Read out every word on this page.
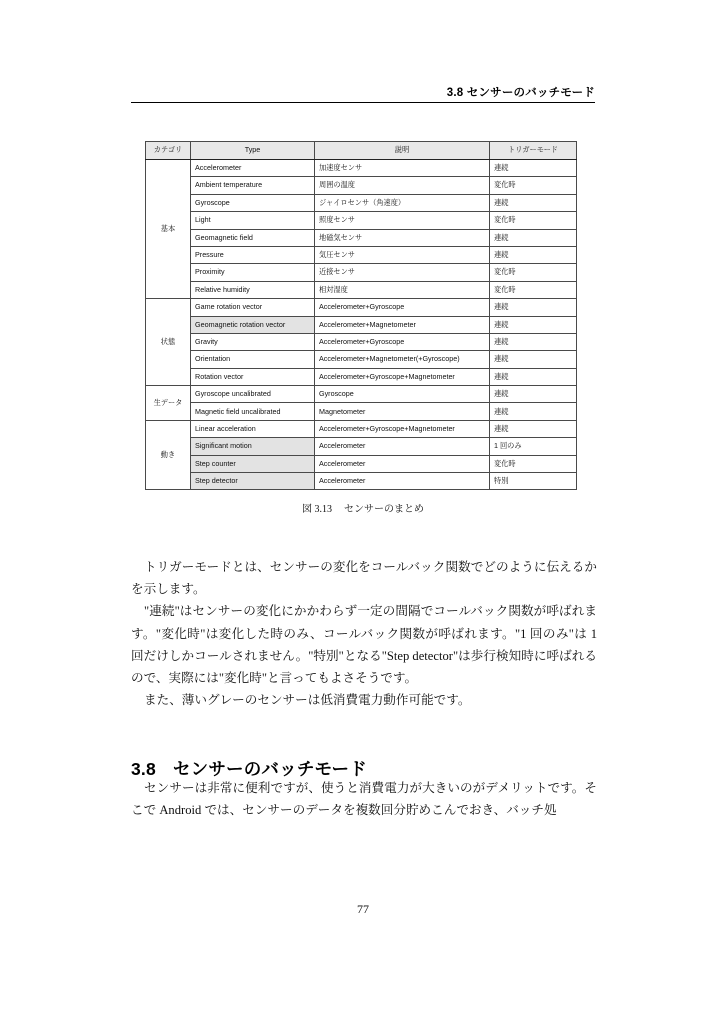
3.8 センサーのバッチモード
カテゴリ	Type	説明	トリガーモード
基本	Accelerometer	加速度センサ	連続
	Ambient temperature	周囲の温度	変化時
	Gyroscope	ジャイロセンサ（角速度）	連続
	Light	照度センサ	変化時
	Geomagnetic field	地磁気センサ	連続
	Pressure	気圧センサ	連続
	Proximity	近接センサ	変化時
	Relative humidity	相対湿度	変化時
状態	Game rotation vector	Accelerometer+Gyroscope	連続
	Geomagnetic rotation vector	Accelerometer+Magnetometer	連続
	Gravity	Accelerometer+Gyroscope	連続
	Orientation	Accelerometer+Magnetometer(+Gyroscope)	連続
	Rotation vector	Accelerometer+Gyroscope+Magnetometer	連続
生データ	Gyroscope uncalibrated	Gyroscope	連続
	Magnetic field uncalibrated	Magnetometer	連続
動き	Linear acceleration	Accelerometer+Gyroscope+Magnetometer	連続
	Significant motion	Accelerometer	1 回のみ
	Step counter	Accelerometer	変化時
	Step detector	Accelerometer	特別
図 3.13 センサーのまとめ

トリガーモードとは、センサーの変化をコールバック関数でどのように伝えるかを示します。

"連続"はセンサーの変化にかかわらず一定の間隔でコールバック関数が呼ばれます。"変化時"は変化した時のみ、コールバック関数が呼ばれます。"1 回のみ"は 1 回だけしかコールされません。"特別"となる"Step detector"は歩行検知時に呼ばれるので、実際には"変化時"と言ってもよさそうです。

また、薄いグレーのセンサーは低消費電力動作可能です。

3.8 センサーのバッチモード

センサーは非常に便利ですが、使うと消費電力が大きいのがデメリットです。そこで Android では、センサーのデータを複数回分貯めこんでおき、バッチ処

77
